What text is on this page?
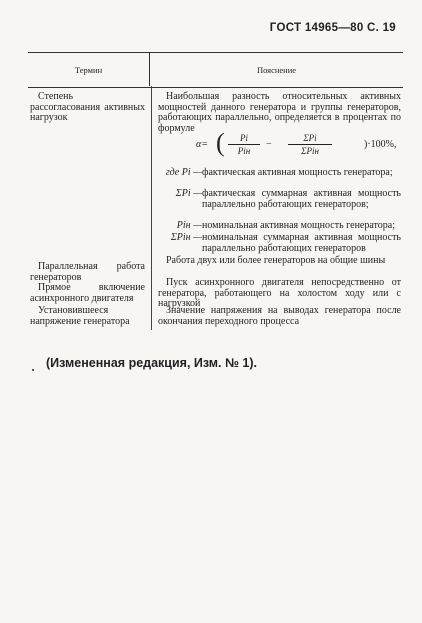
ГОСТ 14965—80 С. 19
Термин	Пояснение
Степень рассогласования активных нагрузок
Наибольшая разность относительных активных мощностей данного генератора и группы генераторов, работающих параллельно, определяется в процентах по формуле
α= (	Pi
Piн
−
ΣPi
ΣPiн
)·100%,
где Pi — фактическая активная мощность генератора;
ΣPi — фактическая суммарная активная мощность параллельно работающих генераторов;
Piн — номинальная активная мощность генератора;
ΣPiн — номинальная суммарная активная мощность параллельно работающих генераторов
Параллельная работа генераторов
Работа двух или более генераторов на общие шины
Прямое включение асинхронного двигателя
Пуск асинхронного двигателя непосредственно от генератора, работающего на холостом ходу или с нагрузкой
Установившееся напряжение генератора
Значение напряжения на выводах генератора после окончания переходного процесса
(Измененная редакция, Изм. № 1).
